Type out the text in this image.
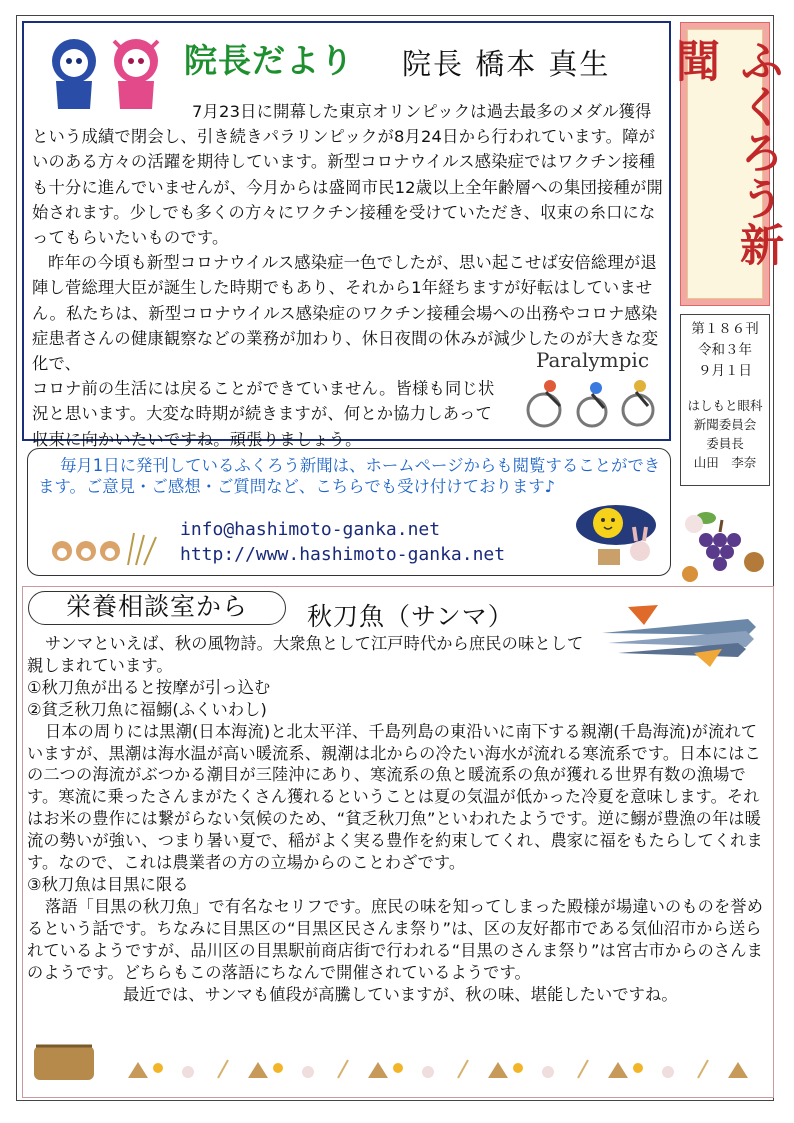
院長だより 院長 橋本 真生

7月23日に開幕した東京オリンピックは過去最多のメダル獲得という成績で閉会し、引き続きパラリンピックが8月24日から行われています。障がいのある方々の活躍を期待しています。新型コロナウイルス感染症ではワクチン接種も十分に進んでいませんが、今月からは盛岡市民12歳以上全年齢層への集団接種が開始されます。少しでも多くの方々にワクチン接種を受けていただき、収束の糸口になってもらいたいものです。

昨年の今頃も新型コロナウイルス感染症一色でしたが、思い起こせば安倍総理が退陣し菅総理大臣が誕生した時期でもあり、それから1年経ちますが好転はしていません。私たちは、新型コロナウイルス感染症のワクチン接種会場への出務やコロナ感染症患者さんの健康観察などの業務が加わり、休日夜間の休みが減少したのが大きな変化で、

コロナ前の生活には戻ることができていません。皆様も同じ状況と思います。大変な時期が続きますが、何とか協力しあって収束に向かいたいですね。頑張りましょう。

Paralympic
ふくろう新聞
第１８６刊
令和３年
９月１日
はしもと眼科
新聞委員会
委員長
山田　李奈
毎月1日に発刊しているふくろう新聞は、ホームページからも閲覧することができます。ご意見・ご感想・ご質問など、こちらでも受け付けております♪
info@hashimoto-ganka.net
http://www.hashimoto-ganka.net
栄養相談室から	秋刀魚（サンマ）

サンマといえば、秋の風物詩。大衆魚として江戸時代から庶民の味として親しまれています。

①秋刀魚が出ると按摩が引っ込む

②貧乏秋刀魚に福鰯(ふくいわし)

日本の周りには黒潮(日本海流)と北太平洋、千島列島の東沿いに南下する親潮(千島海流)が流れていますが、黒潮は海水温が高い暖流系、親潮は北からの冷たい海水が流れる寒流系です。日本にはこの二つの海流がぶつかる潮目が三陸沖にあり、寒流系の魚と暖流系の魚が獲れる世界有数の漁場です。寒流に乗ったさんまがたくさん獲れるということは夏の気温が低かった冷夏を意味します。それはお米の豊作には繋がらない気候のため、“貧乏秋刀魚”といわれたようです。逆に鰯が豊漁の年は暖流の勢いが強い、つまり暑い夏で、稲がよく実る豊作を約束してくれ、農家に福をもたらしてくれます。なので、これは農業者の方の立場からのことわざです。

③秋刀魚は目黒に限る

落語「目黒の秋刀魚」で有名なセリフです。庶民の味を知ってしまった殿様が場違いのものを誉めるという話です。ちなみに目黒区の“目黒区民さんま祭り”は、区の友好都市である気仙沼市から送られているようですが、品川区の目黒駅前商店街で行われる“目黒のさんま祭り”は宮古市からのさんまのようです。どちらもこの落語にちなんで開催されているようです。

最近では、サンマも値段が高騰していますが、秋の味、堪能したいですね。
